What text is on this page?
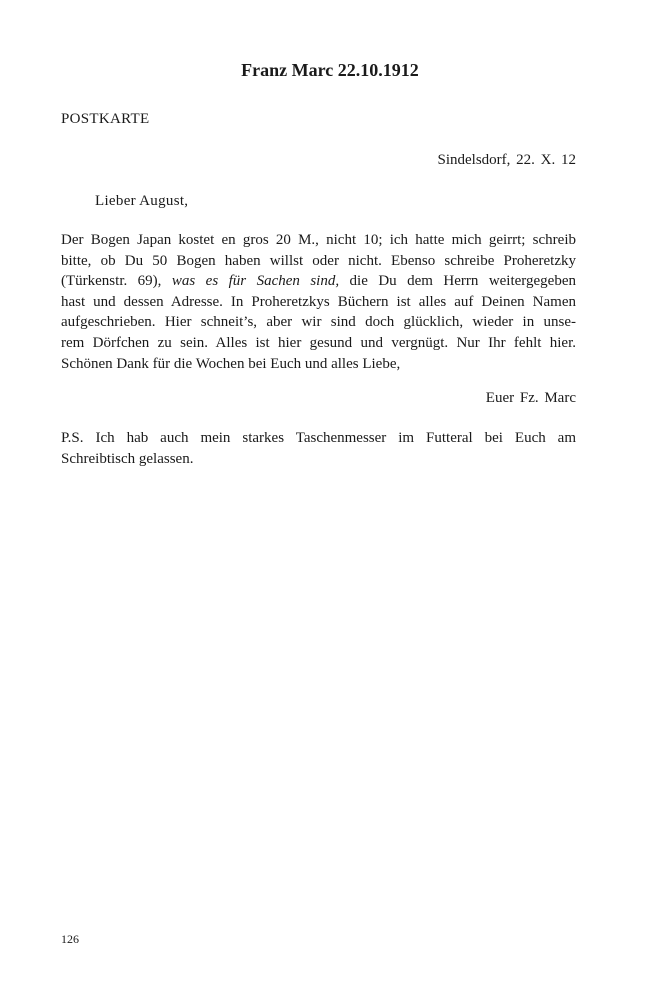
Franz Marc 22.10.1912
POSTKARTE
Sindelsdorf, 22. X. 12
Lieber August,
Der Bogen Japan kostet en gros 20 M., nicht 10; ich hatte mich geirrt; schreib
bitte, ob Du 50 Bogen haben willst oder nicht. Ebenso schreibe Proheretzky
(Türkenstr. 69), was es für Sachen sind, die Du dem Herrn weitergegeben
hast und dessen Adresse. In Proheretzkys Büchern ist alles auf Deinen Namen
aufgeschrieben. Hier schneit’s, aber wir sind doch glücklich, wieder in unse-
rem Dörfchen zu sein. Alles ist hier gesund und vergnügt. Nur Ihr fehlt hier.
Schönen Dank für die Wochen bei Euch und alles Liebe,
Euer Fz. Marc
P.S. Ich hab auch mein starkes Taschenmesser im Futteral bei Euch am
Schreibtisch gelassen.
126
